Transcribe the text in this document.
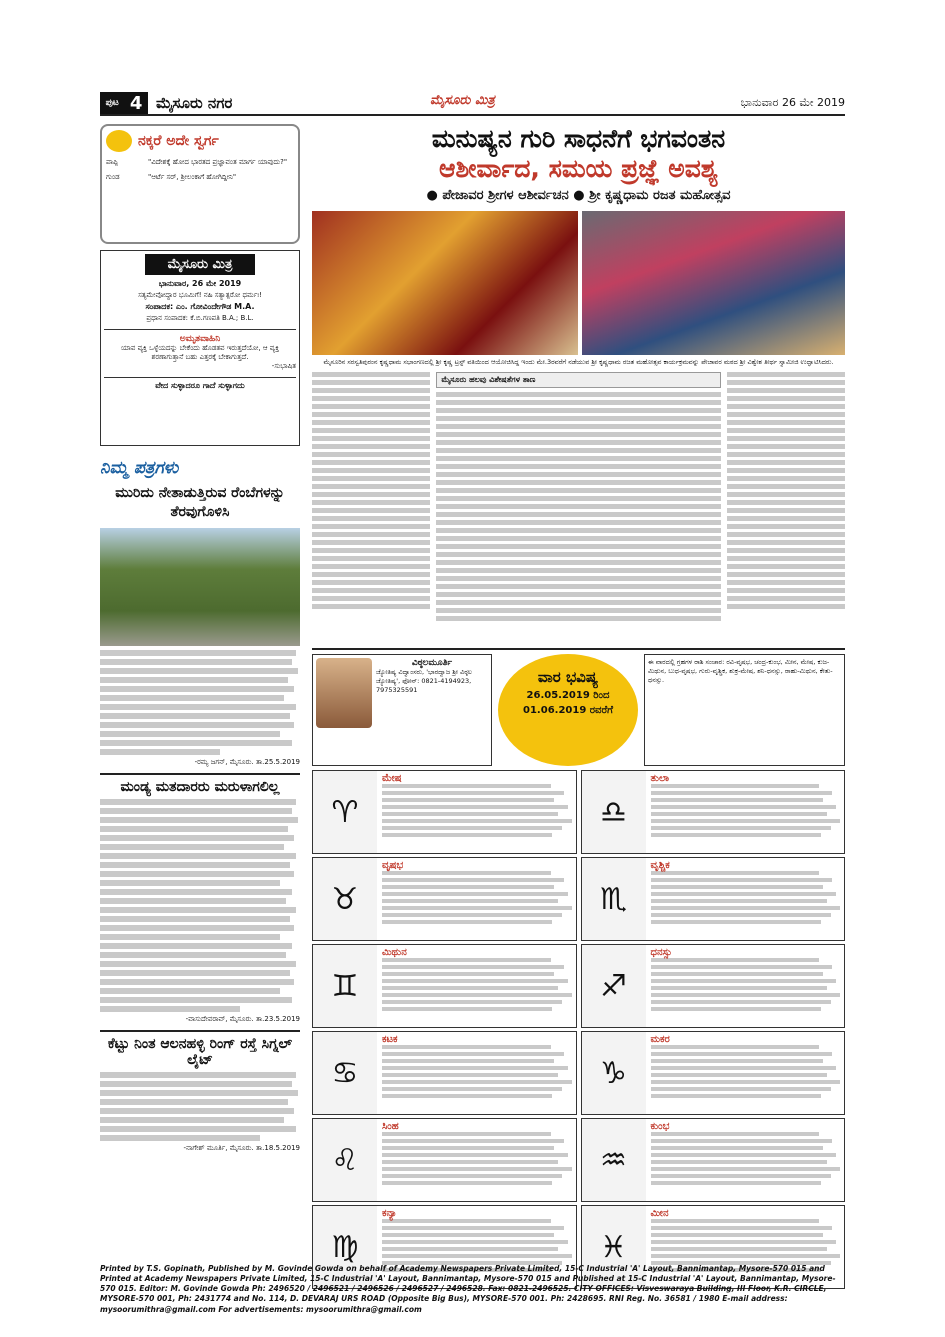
ಪುಟ 4 ಮೈಸೂರು ನಗರ	ಮೈಸೂರು ಮಿತ್ರ	ಭಾನುವಾರ 26 ಮೇ 2019
ನಕ್ಕರೆ ಅದೇ ಸ್ವರ್ಗ
ಪಾಪ್ಪಿ	"ವಿದೇಶಕ್ಕೆ ಹೋದ ಭಾರತದ ಪ್ರಜ್ಞಾವಂತ ಮಾರ್ಗ ಯಾವುದು?"
ಗುಂಡ	"ಆರ್ಟೆ ಸರ್, ಶ್ರೀಲಂಕಾಗೆ ಹೋಗಿದ್ದೀನಿ"
ಮೈಸೂರು ಮಿತ್ರ
ಭಾನುವಾರ, 26 ಮೇ 2019
ಸತ್ಯಮೇವೋದ್ಧಾರ ಭೂಮಿಗೆ! ನಹಿ ಸತ್ಯಾತ್ಪರೋ ಧರ್ಮಃ!
ಸಂಪಾದಕ: ಎಂ. ಗೋವಿಂದೇಗೌಡ M.A.
ಪ್ರಧಾನ ಸಂಪಾದಕ: ಕೆ.ಬಿ.ಗಣಪತಿ B.A.; B.L.
ಅಮೃತವಾಹಿನಿ
ಯಾವ ವ್ಯಕ್ತಿ ಒಳ್ಳೆಯದನ್ನು ಬೇಕೆಂದು ಹೊಡತವ ಇರುತ್ತದೆಯೋ, ಆ ವ್ಯಕ್ತಿ ಶರಣಾಗುತ್ತಾನೆ ಬಹು ಎತ್ತರಕ್ಕೆ ಬೇಕಾಗುತ್ತದೆ.
-ಸುಭಾಷಿತ
ವೇದ ಸುಳ್ಳಾದರೂ ಗಾದೆ ಸುಳ್ಳಾಗದು
ನಿಮ್ಮ ಪತ್ರಗಳು
ಮುರಿದು ನೇತಾಡುತ್ತಿರುವ ರೆಂಬೆಗಳನ್ನು ತೆರವುಗೊಳಿಸಿ
-ರಮ್ಯ ಜಗನ್, ಮೈಸೂರು. ತಾ.25.5.2019
ಮಂಡ್ಯ ಮತದಾರರು ಮರುಳಾಗಲಿಲ್ಲ
-ವಾಸುದೇವರಾವ್, ಮೈಸೂರು. ತಾ.23.5.2019
ಕೆಟ್ಟು ನಿಂತ ಆಲನಹಳ್ಳಿ ರಿಂಗ್ ರಸ್ತೆ ಸಿಗ್ನಲ್ ಲೈಟ್
-ನಾಗೇಶ್ ಮೂರ್ತಿ, ಮೈಸೂರು. ತಾ.18.5.2019
ಮನುಷ್ಯನ ಗುರಿ ಸಾಧನೆಗೆ ಭಗವಂತನ
ಆಶೀರ್ವಾದ, ಸಮಯ ಪ್ರಜ್ಞೆ ಅವಶ್ಯ
● ಪೇಜಾವರ ಶ್ರೀಗಳ ಆಶೀರ್ವಚನ ● ಶ್ರೀ ಕೃಷ್ಣಧಾಮ ರಜತ ಮಹೋತ್ಸವ
ಮೈಸೂರಿನ ಸರಸ್ವತಿಪುರಂನ ಕೃಷ್ಣಧಾಮ ಸಭಾಂಗಣದಲ್ಲಿ ಶ್ರೀ ಕೃಷ್ಣ ಟ್ರಸ್ಟ್ ವತಿಯಿಂದ ಆಯೋಜಿಸಿದ್ದ ಇಂದು ಮೇ.3ರವರೆಗೆ ನಡೆಯುವ ಶ್ರೀ ಕೃಷ್ಣಧಾಮ ರಜತ ಮಹೋತ್ಸವ ಕಾರ್ಯಕ್ರಮವನ್ನು ಪೇಜಾವರ ಮಠದ ಶ್ರೀ ವಿಶ್ವೇಶ ತೀರ್ಥ ಸ್ವಾಮೀಜಿ ಉದ್ಘಾಟಿಸಿದರು.
ಮೈಸೂರು ಹಲವು ವಿಶೇಷತೆಗಳ ತಾಣ
ವಿಠ್ಠಲಮೂರ್ತಿ
ಜ್ಯೋತಿಷ್ಯ ವಿದ್ವಾಂಸರು, 'ಭಾರದ್ವಾಜ ಶ್ರೀ ವಿಠ್ಠಲ ಜ್ಯೋತಿಷ್ಯ', ಫೋನ್: 0821-4194923, 7975325591
ವಾರ ಭವಿಷ್ಯ
26.05.2019 ರಿಂದ
01.06.2019 ರವರೆಗೆ
ಈ ವಾರದಲ್ಲಿ ಗ್ರಹಗಳ ರಾಶಿ ಸಂಚಾರ: ರವಿ-ವೃಷಭ, ಚಂದ್ರ-ಕುಂಭ, ಮೀನ, ಮೇಷ, ಕುಜ-ಮಿಥುನ, ಬುಧ-ವೃಷಭ, ಗುರು-ವೃಶ್ಚಿಕ, ಶುಕ್ರ-ಮೇಷ, ಶನಿ-ಧನಸ್ಸು, ರಾಹು-ಮಿಥುನ, ಕೇತು-ಧನಸ್ಸು.
♈
ಮೇಷ
♉
ವೃಷಭ
♊
ಮಿಥುನ
♋
ಕಟಕ
♌
ಸಿಂಹ
♍
ಕನ್ಯಾ
♎
ತುಲಾ
♏
ವೃಶ್ಚಿಕ
♐
ಧನಸ್ಸು
♑
ಮಕರ
♒
ಕುಂಭ
♓
ಮೀನ
Printed by T.S. Gopinath, Published by M. Govinde Gowda on behalf of Academy Newspapers Private Limited, 15-C Industrial 'A' Layout, Bannimantap, Mysore-570 015 and Printed at Academy Newspapers Private Limited, 15-C Industrial 'A' Layout, Bannimantap, Mysore-570 015 and Published at 15-C Industrial 'A' Layout, Bannimantap, Mysore-570 015. Editor: M. Govinde Gowda Ph: 2496520 / 2496521 / 2496526 / 2496527 / 2496528. Fax: 0821-2496525. CITY OFFICES: Visveswaraya Building, III Floor, K.R. CIRCLE, MYSORE-570 001, Ph: 2431774 and No. 114, D. DEVARAJ URS ROAD (Opposite Big Bus), MYSORE-570 001. Ph: 2428695. RNI Reg. No. 36581 / 1980 E-mail address: mysoorumithra@gmail.com For advertisements: mysoorumithra@gmail.com
